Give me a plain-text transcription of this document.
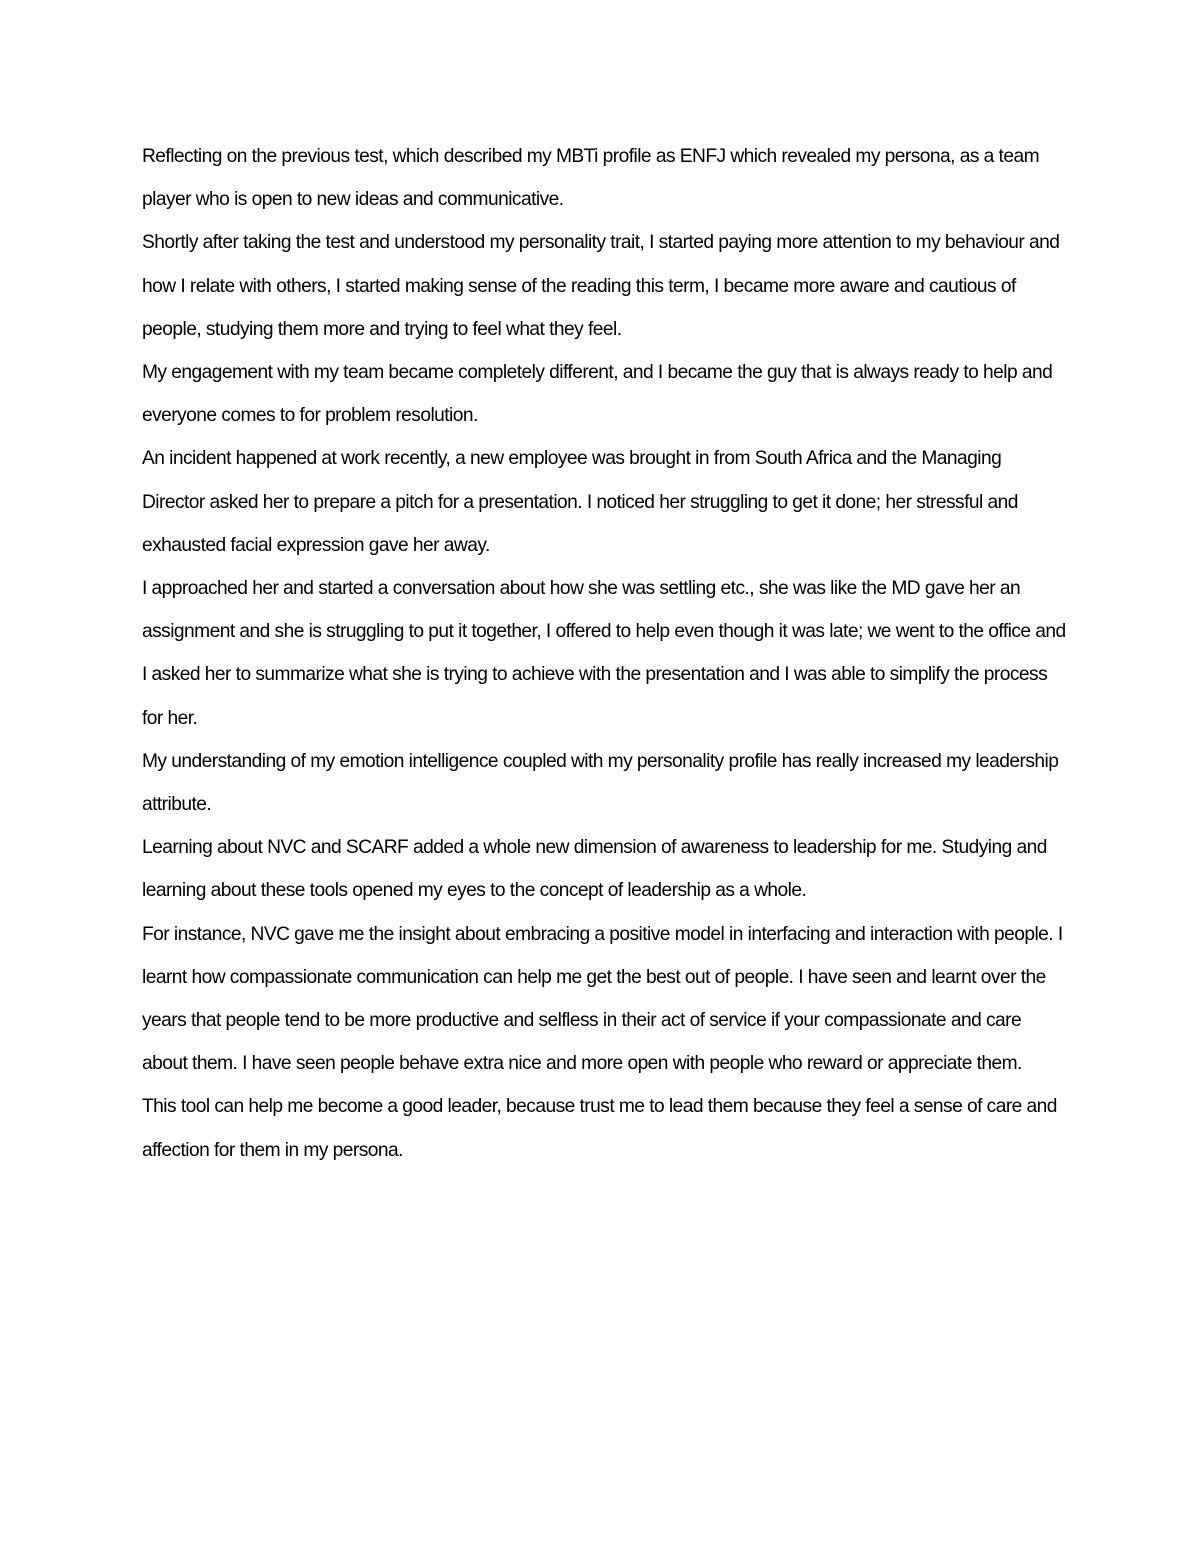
Reflecting on the previous test, which described my MBTi profile as ENFJ which revealed my persona, as a team player who is open to new ideas and communicative.

Shortly after taking the test and understood my personality trait, I started paying more attention to my behaviour and how I relate with others, I started making sense of the reading this term, I became more aware and cautious of people, studying them more and trying to feel what they feel.

My engagement with my team became completely different, and I became the guy that is always ready to help and everyone comes to for problem resolution.

An incident happened at work recently, a new employee was brought in from South Africa and the Managing Director asked her to prepare a pitch for a presentation. I noticed her struggling to get it done; her stressful and exhausted facial expression gave her away.

I approached her and started a conversation about how she was settling etc., she was like the MD gave her an assignment and she is struggling to put it together, I offered to help even though it was late; we went to the office and I asked her to summarize what she is trying to achieve with the presentation and I was able to simplify the process for her.

My understanding of my emotion intelligence coupled with my personality profile has really increased my leadership attribute.

Learning about NVC and SCARF added a whole new dimension of awareness to leadership for me. Studying and learning about these tools opened my eyes to the concept of leadership as a whole.

For instance, NVC gave me the insight about embracing a positive model in interfacing and interaction with people. I learnt how compassionate communication can help me get the best out of people. I have seen and learnt over the years that people tend to be more productive and selfless in their act of service if your compassionate and care about them. I have seen people behave extra nice and more open with people who reward or appreciate them.

This tool can help me become a good leader, because trust me to lead them because they feel a sense of care and affection for them in my persona.
